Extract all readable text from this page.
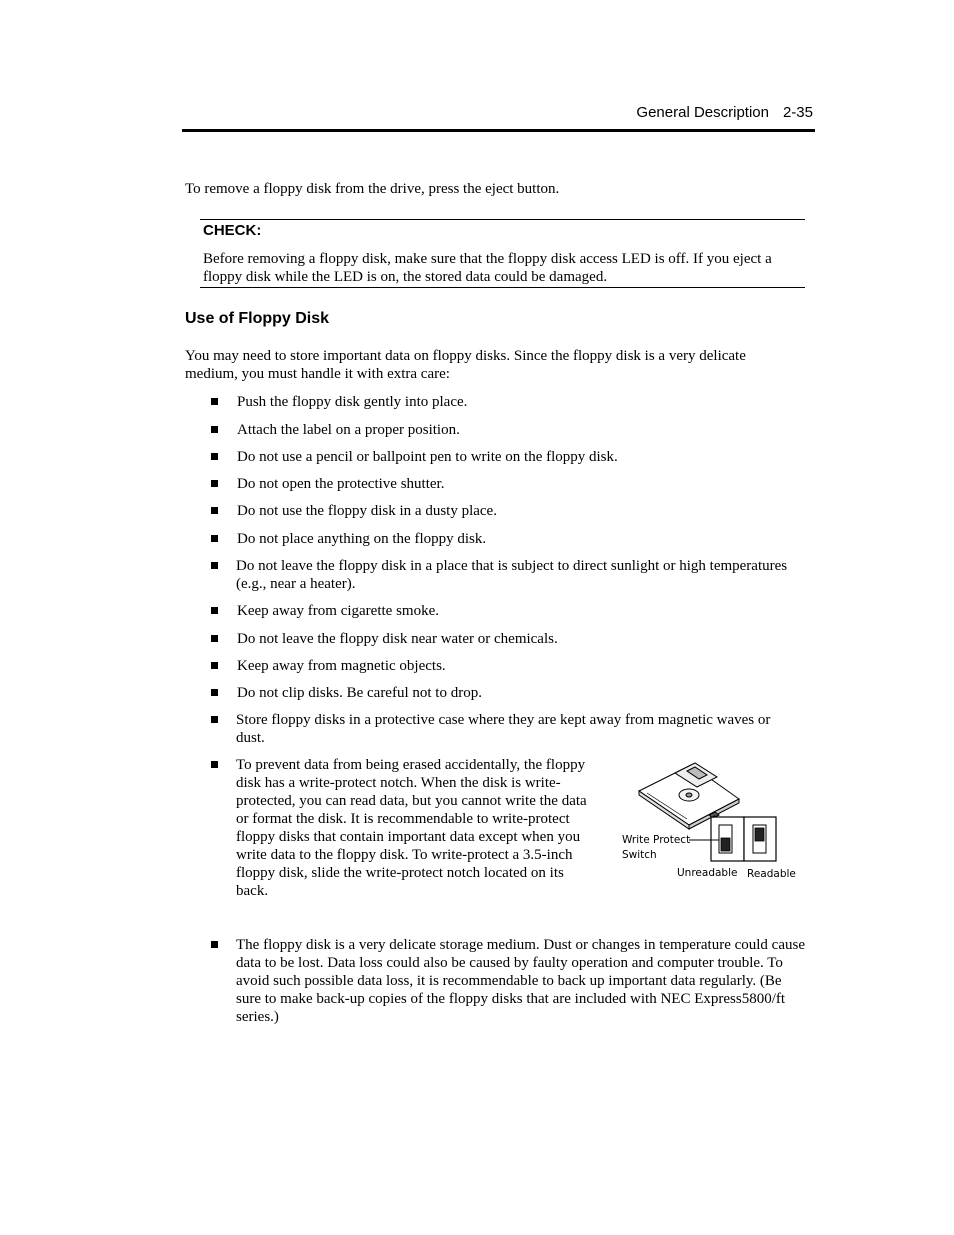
General Description 2-35
To remove a floppy disk from the drive, press the eject button.
CHECK:
Before removing a floppy disk, make sure that the floppy disk access LED is off. If you eject a floppy disk while the LED is on, the stored data could be damaged.
Use of Floppy Disk
You may need to store important data on floppy disks. Since the floppy disk is a very delicate medium, you must handle it with extra care:
Push the floppy disk gently into place.
Attach the label on a proper position.
Do not use a pencil or ballpoint pen to write on the floppy disk.
Do not open the protective shutter.
Do not use the floppy disk in a dusty place.
Do not place anything on the floppy disk.
Do not leave the floppy disk in a place that is subject to direct sunlight or high temperatures (e.g., near a heater).
Keep away from cigarette smoke.
Do not leave the floppy disk near water or chemicals.
Keep away from magnetic objects.
Do not clip disks. Be careful not to drop.
Store floppy disks in a protective case where they are kept away from magnetic waves or dust.
To prevent data from being erased accidentally, the floppy disk has a write-protect notch. When the disk is write-protected, you can read data, but you cannot write the data or format the disk. It is recommendable to write-protect floppy disks that contain important data except when you write data to the floppy disk. To write-protect a 3.5-inch floppy disk, slide the write-protect notch located on its back.
The floppy disk is a very delicate storage medium. Dust or changes in temperature could cause data to be lost. Data loss could also be caused by faulty operation and computer trouble. To avoid such possible data loss, it is recommendable to back up important data regularly. (Be sure to make back-up copies of the floppy disks that are included with NEC Express5800/ft series.)
Write Protect
Switch
Unreadable Readable
